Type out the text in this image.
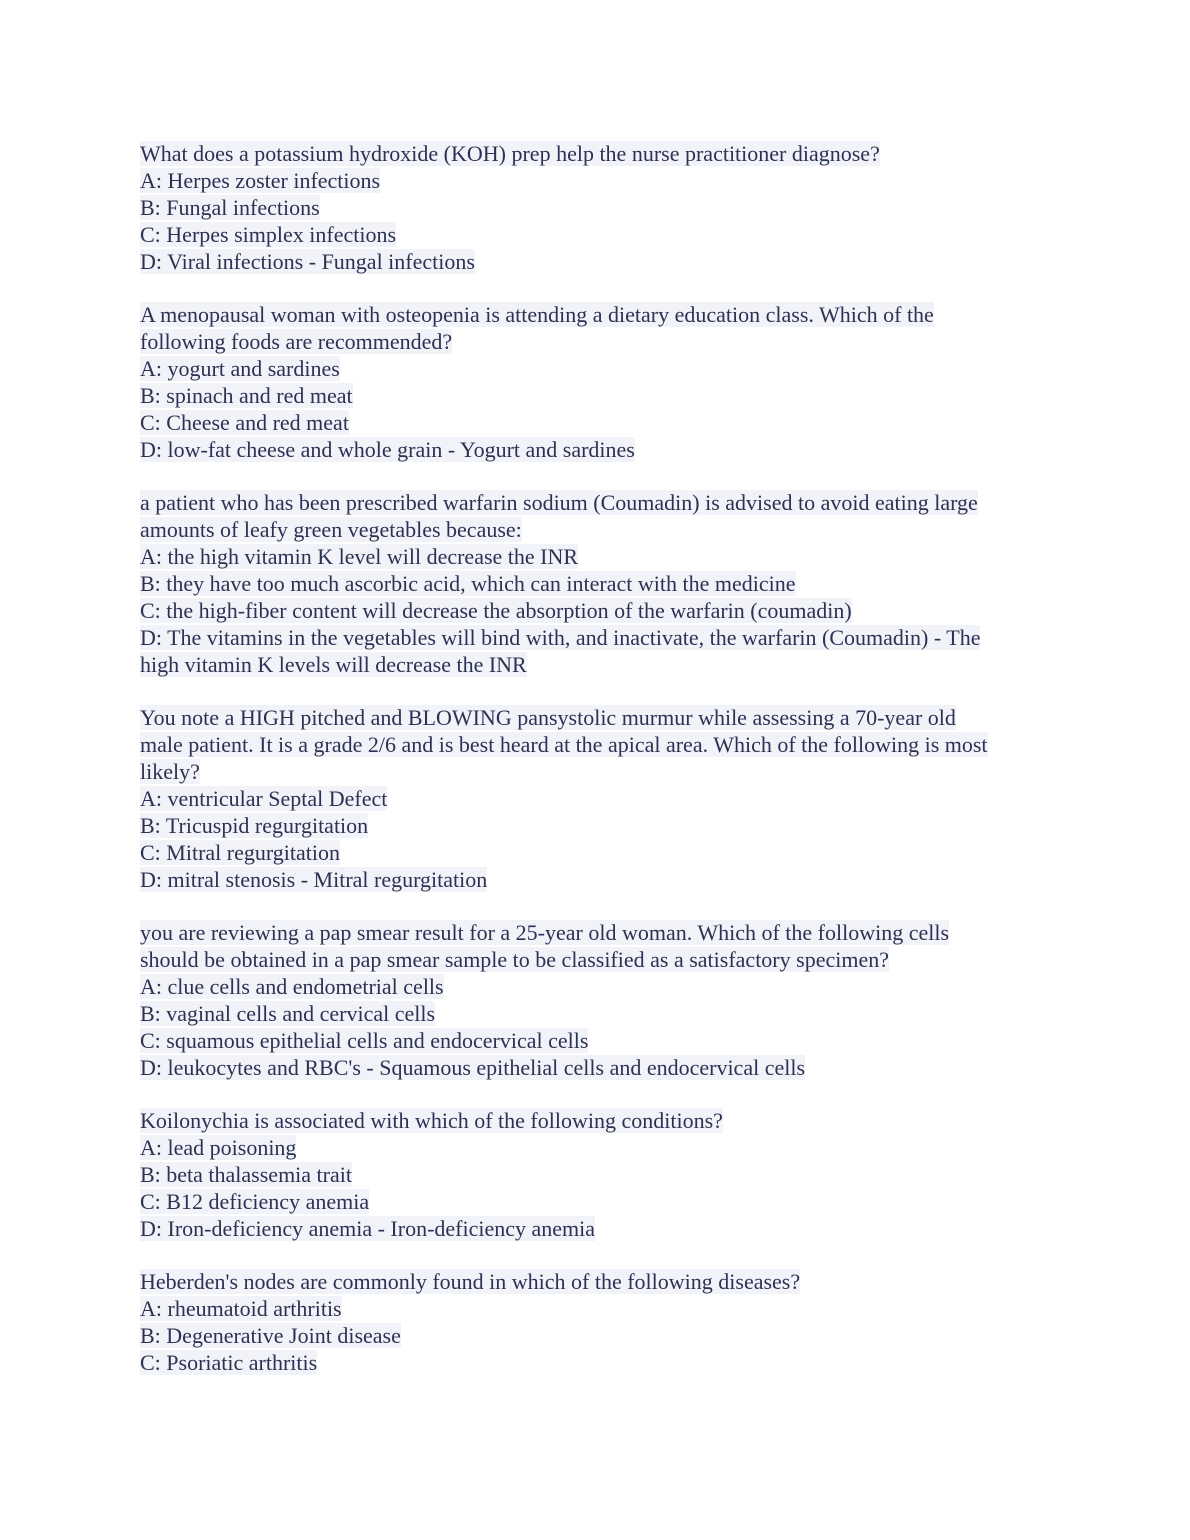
What does a potassium hydroxide (KOH) prep help the nurse practitioner diagnose?
A: Herpes zoster infections
B: Fungal infections
C: Herpes simplex infections
D: Viral infections - Fungal infections
A menopausal woman with osteopenia is attending a dietary education class. Which of the
following foods are recommended?
A: yogurt and sardines
B: spinach and red meat
C: Cheese and red meat
D: low-fat cheese and whole grain - Yogurt and sardines
a patient who has been prescribed warfarin sodium (Coumadin) is advised to avoid eating large
amounts of leafy green vegetables because:
A: the high vitamin K level will decrease the INR
B: they have too much ascorbic acid, which can interact with the medicine
C: the high-fiber content will decrease the absorption of the warfarin (coumadin)
D: The vitamins in the vegetables will bind with, and inactivate, the warfarin (Coumadin) - The
high vitamin K levels will decrease the INR
You note a HIGH pitched and BLOWING pansystolic murmur while assessing a 70-year old
male patient. It is a grade 2/6 and is best heard at the apical area. Which of the following is most
likely?
A: ventricular Septal Defect
B: Tricuspid regurgitation
C: Mitral regurgitation
D: mitral stenosis - Mitral regurgitation
you are reviewing a pap smear result for a 25-year old woman. Which of the following cells
should be obtained in a pap smear sample to be classified as a satisfactory specimen?
A: clue cells and endometrial cells
B: vaginal cells and cervical cells
C: squamous epithelial cells and endocervical cells
D: leukocytes and RBC's - Squamous epithelial cells and endocervical cells
Koilonychia is associated with which of the following conditions?
A: lead poisoning
B: beta thalassemia trait
C: B12 deficiency anemia
D: Iron-deficiency anemia - Iron-deficiency anemia
Heberden's nodes are commonly found in which of the following diseases?
A: rheumatoid arthritis
B: Degenerative Joint disease
C: Psoriatic arthritis
